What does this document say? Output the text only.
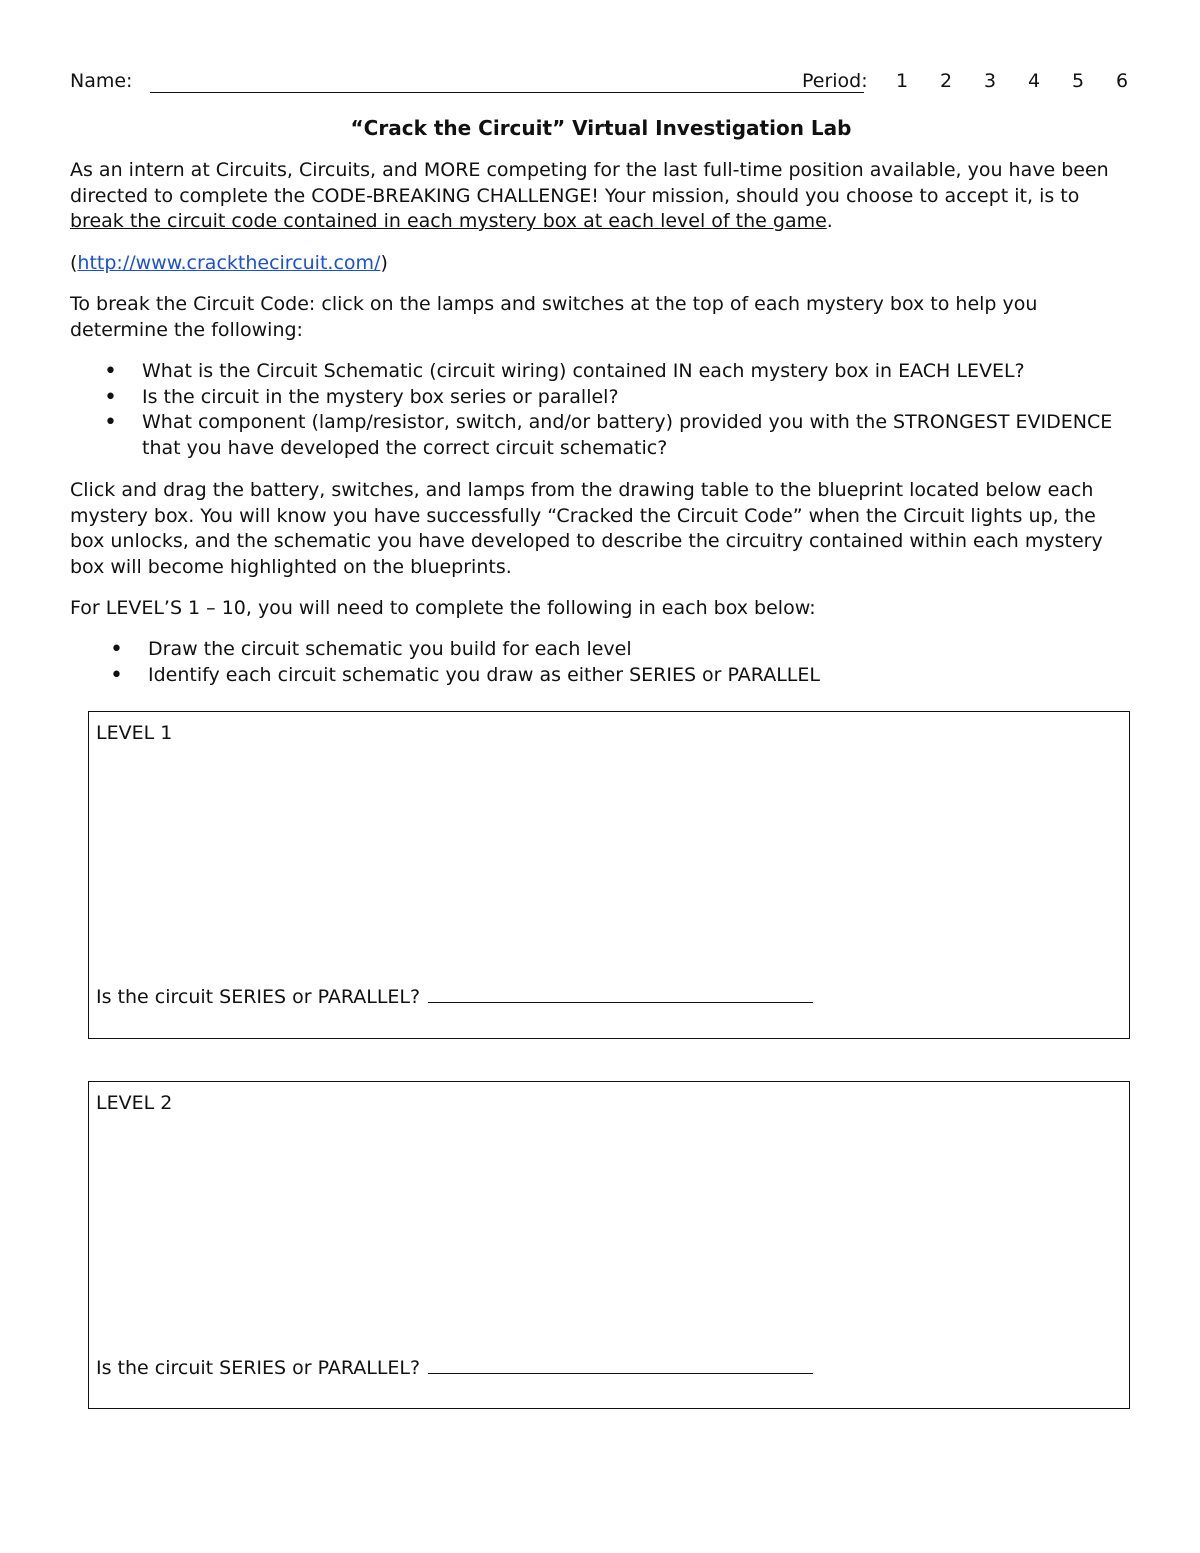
Name:	Period: 1 2 3 4 5 6
“Crack the Circuit” Virtual Investigation Lab

As an intern at Circuits, Circuits, and MORE competing for the last full-time position available, you have been directed to complete the CODE-BREAKING CHALLENGE! Your mission, should you choose to accept it, is to break the circuit code contained in each mystery box at each level of the game.

(http://www.crackthecircuit.com/)

To break the Circuit Code: click on the lamps and switches at the top of each mystery box to help you determine the following:

• What is the Circuit Schematic (circuit wiring) contained IN each mystery box in EACH LEVEL?
• Is the circuit in the mystery box series or parallel?
• What component (lamp/resistor, switch, and/or battery) provided you with the STRONGEST EVIDENCE that you have developed the correct circuit schematic?

Click and drag the battery, switches, and lamps from the drawing table to the blueprint located below each mystery box. You will know you have successfully “Cracked the Circuit Code” when the Circuit lights up, the box unlocks, and the schematic you have developed to describe the circuitry contained within each mystery box will become highlighted on the blueprints.

For LEVEL’S 1 – 10, you will need to complete the following in each box below:

• Draw the circuit schematic you build for each level
• Identify each circuit schematic you draw as either SERIES or PARALLEL
LEVEL 1
Is the circuit SERIES or PARALLEL?
LEVEL 2
Is the circuit SERIES or PARALLEL?
